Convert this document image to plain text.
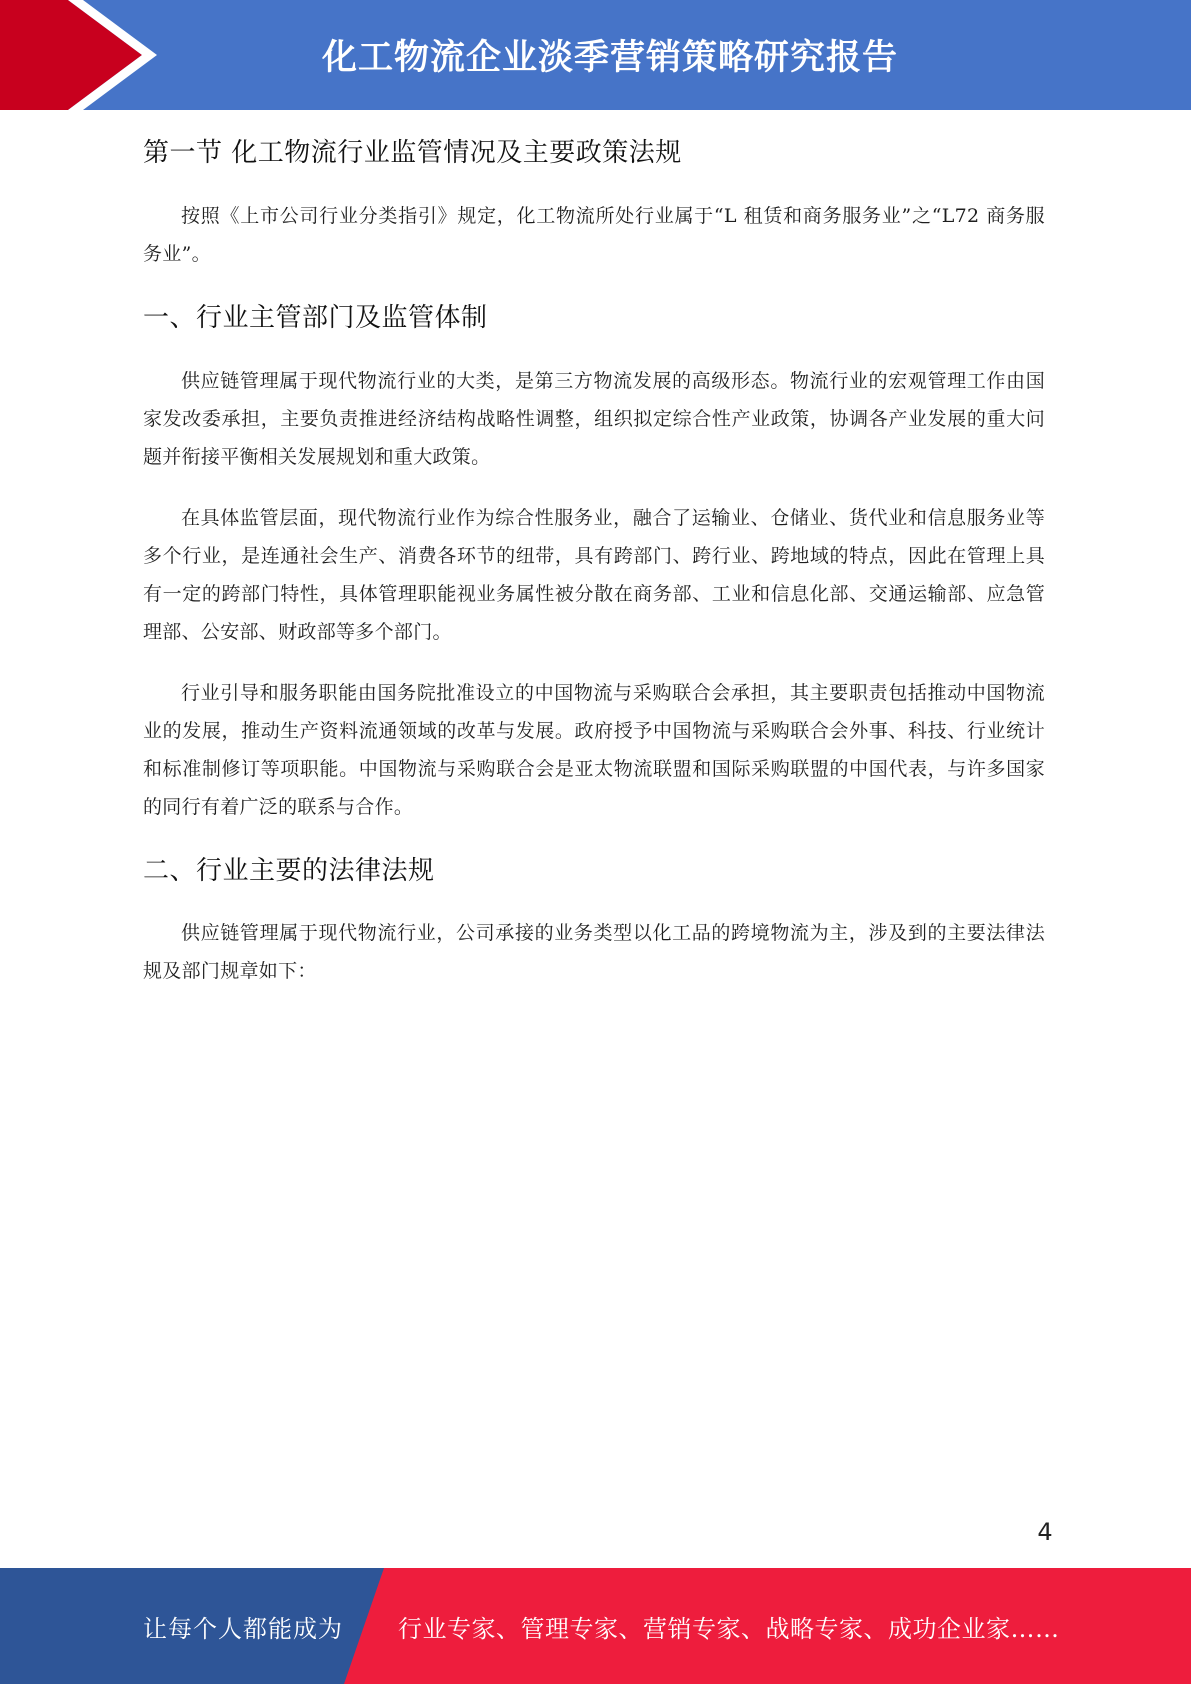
化工物流企业淡季营销策略研究报告
第一节 化工物流行业监管情况及主要政策法规
按照《上市公司行业分类指引》规定，化工物流所处行业属于“L 租赁和商务服务业”之“L72 商务服务业”。
一、行业主管部门及监管体制
供应链管理属于现代物流行业的大类，是第三方物流发展的高级形态。物流行业的宏观管理工作由国家发改委承担，主要负责推进经济结构战略性调整，组织拟定综合性产业政策，协调各产业发展的重大问题并衔接平衡相关发展规划和重大政策。
在具体监管层面，现代物流行业作为综合性服务业，融合了运输业、仓储业、货代业和信息服务业等多个行业，是连通社会生产、消费各环节的纽带，具有跨部门、跨行业、跨地域的特点，因此在管理上具有一定的跨部门特性，具体管理职能视业务属性被分散在商务部、工业和信息化部、交通运输部、应急管理部、公安部、财政部等多个部门。
行业引导和服务职能由国务院批准设立的中国物流与采购联合会承担，其主要职责包括推动中国物流业的发展，推动生产资料流通领域的改革与发展。政府授予中国物流与采购联合会外事、科技、行业统计和标准制修订等项职能。中国物流与采购联合会是亚太物流联盟和国际采购联盟的中国代表，与许多国家的同行有着广泛的联系与合作。
二、行业主要的法律法规
供应链管理属于现代物流行业，公司承接的业务类型以化工品的跨境物流为主，涉及到的主要法律法规及部门规章如下：
4
让每个人都能成为 行业专家、管理专家、营销专家、战略专家、成功企业家……
